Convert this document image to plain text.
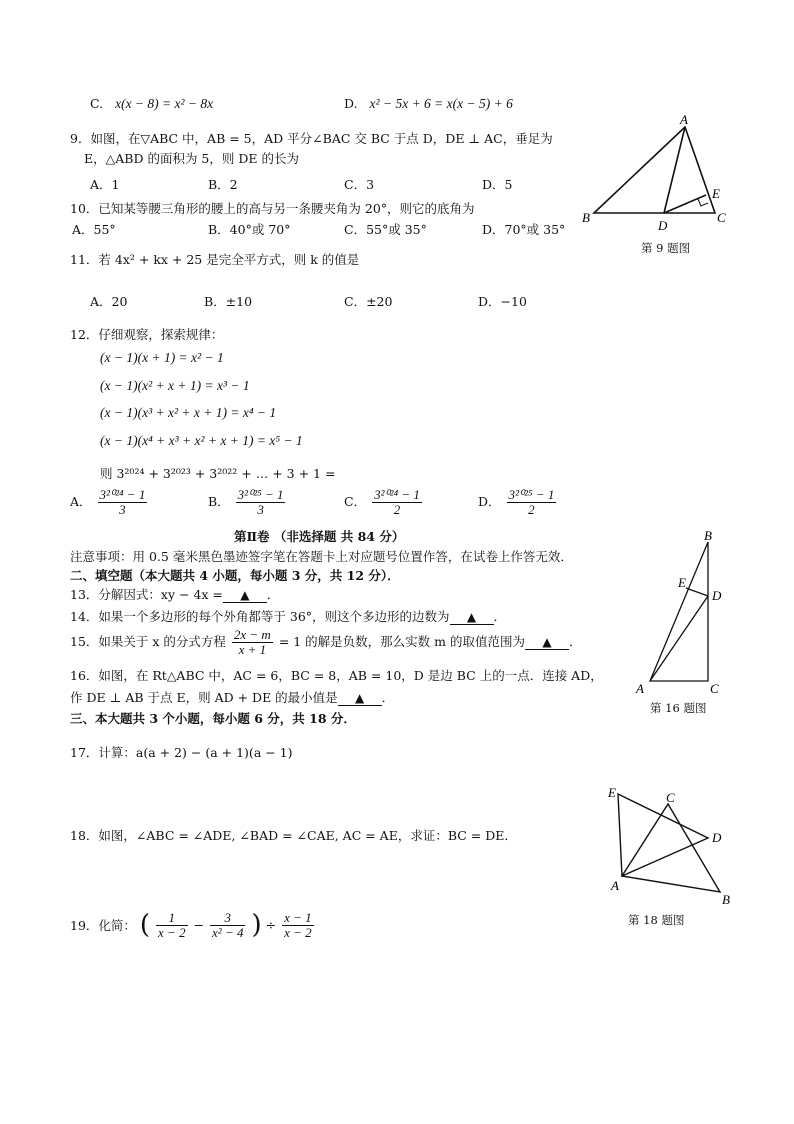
C. x(x − 8) = x² − 8x	D. x² − 5x + 6 = x(x − 5) + 6
9．如图，在▽ABC 中，AB = 5，AD 平分∠BAC 交 BC 于点 D，DE ⊥ AC，垂足为
E，△ABD 的面积为 5，则 DE 的长为
A．1	B．2	C．3	D．5
A
B	C
D
E
第 9 题图
10．已知某等腰三角形的腰上的高与另一条腰夹角为 20°，则它的底角为
A．55°	B．40°或 70°	C．55°或 35°	D．70°或 35°
11．若 4x² + kx + 25 是完全平方式，则 k 的值是
A．20	B．±10	C．±20	D．−10
12．仔细观察，探索规律：
(x − 1)(x + 1) = x² − 1
(x − 1)(x² + x + 1) = x³ − 1
(x − 1)(x³ + x² + x + 1) = x⁴ − 1
(x − 1)(x⁴ + x³ + x² + x + 1) = x⁵ − 1
则 3²⁰²⁴ + 3²⁰²³ + 3²⁰²² + … + 3 + 1 =
A． $\frac{\text{3²⁰²⁴ − 1}}{3}$	B． $\frac{\text{3²⁰²⁵ − 1}}{3}$	C． $\frac{\text{3²⁰²⁴ − 1}}{2}$	D． $\frac{\text{3²⁰²⁵ − 1}}{2}$
第Ⅱ卷 （非选择题 共 84 分）
注意事项：用 0.5 毫米黑色墨迹签字笔在答题卡上对应题号位置作答，在试卷上作答无效．
二、填空题（本大题共 4 小题，每小题 3 分，共 12 分）．
13．分解因式：xy − 4x = ▲ ．
14．如果一个多边形的每个外角都等于 36°，则这个多边形的边数为 ▲ ．
15．如果关于 x 的分式方程 $\frac{2x - m}{x + 1} = 1$ 的解是负数，那么实数 m 的取值范围为 ▲ ．
16．如图，在 Rt△ABC 中，AC = 6，BC = 8，AB = 10，D 是边 BC 上的一点．连接 AD，
作 DE ⊥ AB 于点 E，则 AD + DE 的最小值是 ▲ ．
B
E
D
A	C
第 16 题图
三、本大题共 3 个小题，每小题 6 分，共 18 分．
17．计算：a(a + 2) − (a + 1)(a − 1)
18．如图，∠ABC = ∠ADE, ∠BAD = ∠CAE, AC = AE，求证：BC = DE．
E	C
D
A
B
第 18 题图
19．化简： ( $\frac{1}{x - 2} - \frac{3}{\text{x² − 4}}$ ) ÷ $\frac{x - 1}{x - 2}$
